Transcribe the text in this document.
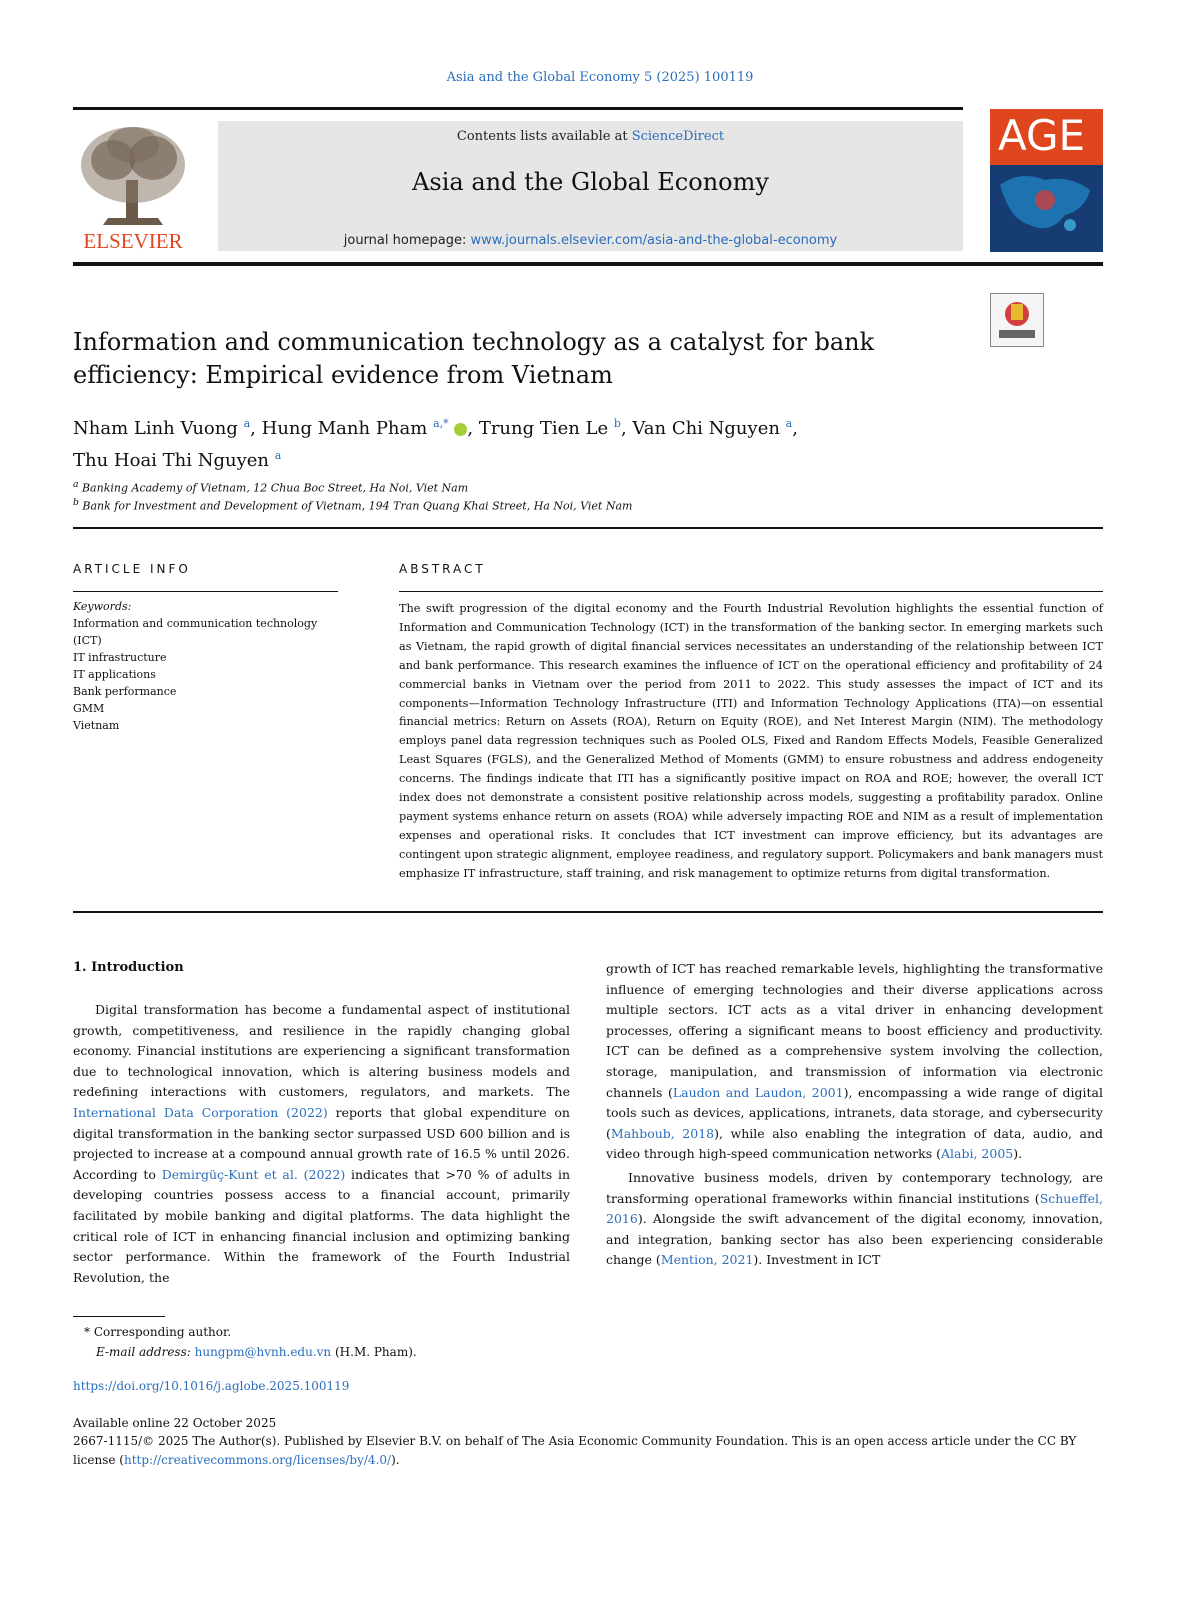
Asia and the Global Economy 5 (2025) 100119
ELSEVIER
Contents lists available at ScienceDirect
Asia and the Global Economy
journal homepage: www.journals.elsevier.com/asia-and-the-global-economy
AGE
Information and communication technology as a catalyst for bank
efficiency: Empirical evidence from Vietnam
Nham Linh Vuong $^a$, Hung Manh Pham $^{a,*}$ , Trung Tien Le $^b$, Van Chi Nguyen $^a$,
Thu Hoai Thi Nguyen $^a$
$^a$ Banking Academy of Vietnam, 12 Chua Boc Street, Ha Noi, Viet Nam
$^b$ Bank for Investment and Development of Vietnam, 194 Tran Quang Khai Street, Ha Noi, Viet Nam
ARTICLE INFO
Keywords:
Information and communication technology
(ICT)
IT infrastructure
IT applications
Bank performance
GMM
Vietnam
ABSTRACT
The swift progression of the digital economy and the Fourth Industrial Revolution highlights the essential function of Information and Communication Technology (ICT) in the transformation of the banking sector. In emerging markets such as Vietnam, the rapid growth of digital financial services necessitates an understanding of the relationship between ICT and bank performance. This research examines the influence of ICT on the operational efficiency and profitability of 24 commercial banks in Vietnam over the period from 2011 to 2022. This study assesses the impact of ICT and its components—Information Technology Infrastructure (ITI) and Information Technology Applications (ITA)—on essential financial metrics: Return on Assets (ROA), Return on Equity (ROE), and Net Interest Margin (NIM). The methodology employs panel data regression techniques such as Pooled OLS, Fixed and Random Effects Models, Feasible Generalized Least Squares (FGLS), and the Generalized Method of Moments (GMM) to ensure robustness and address endogeneity concerns. The findings indicate that ITI has a significantly positive impact on ROA and ROE; however, the overall ICT index does not demonstrate a consistent positive relationship across models, suggesting a profitability paradox. Online payment systems enhance return on assets (ROA) while adversely impacting ROE and NIM as a result of implementation expenses and operational risks. It concludes that ICT investment can improve efficiency, but its advantages are contingent upon strategic alignment, employee readiness, and regulatory support. Policymakers and bank managers must emphasize IT infrastructure, staff training, and risk management to optimize returns from digital transformation.
1. Introduction

Digital transformation has become a fundamental aspect of institutional growth, competitiveness, and resilience in the rapidly changing global economy. Financial institutions are experiencing a significant transformation due to technological innovation, which is altering business models and redefining interactions with customers, regulators, and markets. The International Data Corporation (2022) reports that global expenditure on digital transformation in the banking sector surpassed USD 600 billion and is projected to increase at a compound annual growth rate of 16.5 % until 2026. According to Demirgüç-Kunt et al. (2022) indicates that >70 % of adults in developing countries possess access to a financial account, primarily facilitated by mobile banking and digital platforms. The data highlight the critical role of ICT in enhancing financial inclusion and optimizing banking sector performance. Within the framework of the Fourth Industrial Revolution, the

growth of ICT has reached remarkable levels, highlighting the transformative influence of emerging technologies and their diverse applications across multiple sectors. ICT acts as a vital driver in enhancing development processes, offering a significant means to boost efficiency and productivity. ICT can be defined as a comprehensive system involving the collection, storage, manipulation, and transmission of information via electronic channels (Laudon and Laudon, 2001), encompassing a wide range of digital tools such as devices, applications, intranets, data storage, and cybersecurity (Mahboub, 2018), while also enabling the integration of data, audio, and video through high-speed communication networks (Alabi, 2005).

Innovative business models, driven by contemporary technology, are transforming operational frameworks within financial institutions (Schueffel, 2016). Alongside the swift advancement of the digital economy, innovation, and integration, banking sector has also been experiencing considerable change (Mention, 2021). Investment in ICT

* Corresponding author.
E-mail address: hungpm@hvnh.edu.vn (H.M. Pham).
https://doi.org/10.1016/j.aglobe.2025.100119
Available online 22 October 2025
2667-1115/© 2025 The Author(s). Published by Elsevier B.V. on behalf of The Asia Economic Community Foundation. This is an open access article under the CC BY license (http://creativecommons.org/licenses/by/4.0/).
